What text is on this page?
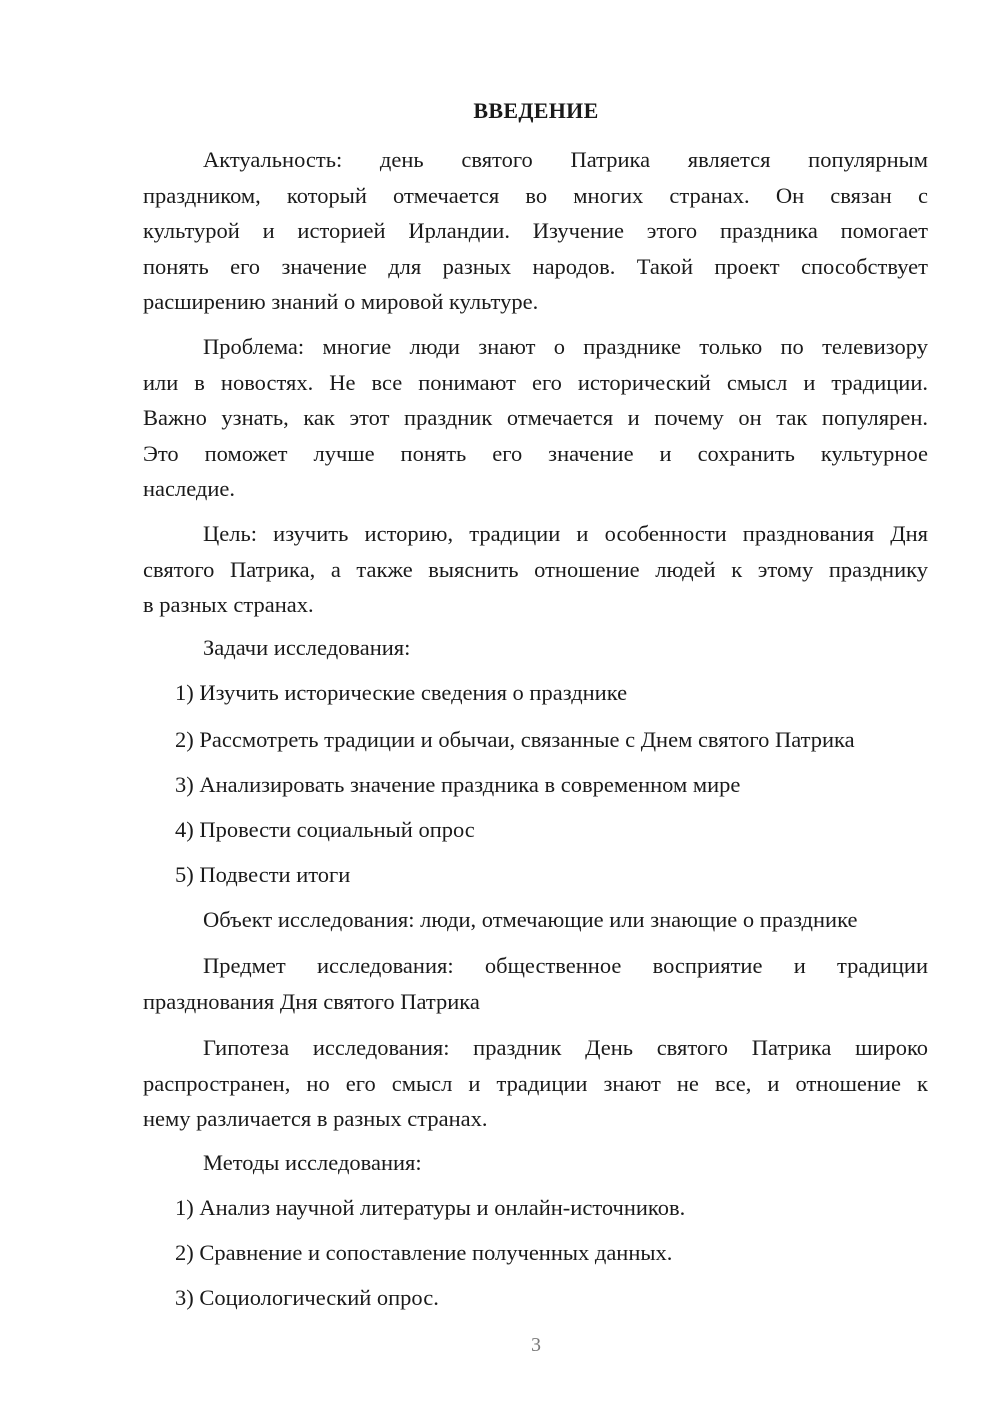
ВВЕДЕНИЕ
Актуальность: день святого Патрика является популярным
праздником, который отмечается во многих странах. Он связан с
культурой и историей Ирландии. Изучение этого праздника помогает
понять его значение для разных народов. Такой проект способствует
расширению знаний о мировой культуре.
Проблема: многие люди знают о празднике только по телевизору
или в новостях. Не все понимают его исторический смысл и традиции.
Важно узнать, как этот праздник отмечается и почему он так популярен.
Это поможет лучше понять его значение и сохранить культурное
наследие.
Цель: изучить историю, традиции и особенности празднования Дня
святого Патрика, а также выяснить отношение людей к этому празднику
в разных странах.
Задачи исследования:
1) Изучить исторические сведения о празднике
2) Рассмотреть традиции и обычаи, связанные с Днем святого Патрика
3) Анализировать значение праздника в современном мире
4) Провести социальный опрос
5) Подвести итоги
Объект исследования: люди, отмечающие или знающие о празднике
Предмет исследования: общественное восприятие и традиции
празднования Дня святого Патрика
Гипотеза исследования: праздник День святого Патрика широко
распространен, но его смысл и традиции знают не все, и отношение к
нему различается в разных странах.
Методы исследования:
1) Анализ научной литературы и онлайн-источников.
2) Сравнение и сопоставление полученных данных.
3) Социологический опрос.
3
